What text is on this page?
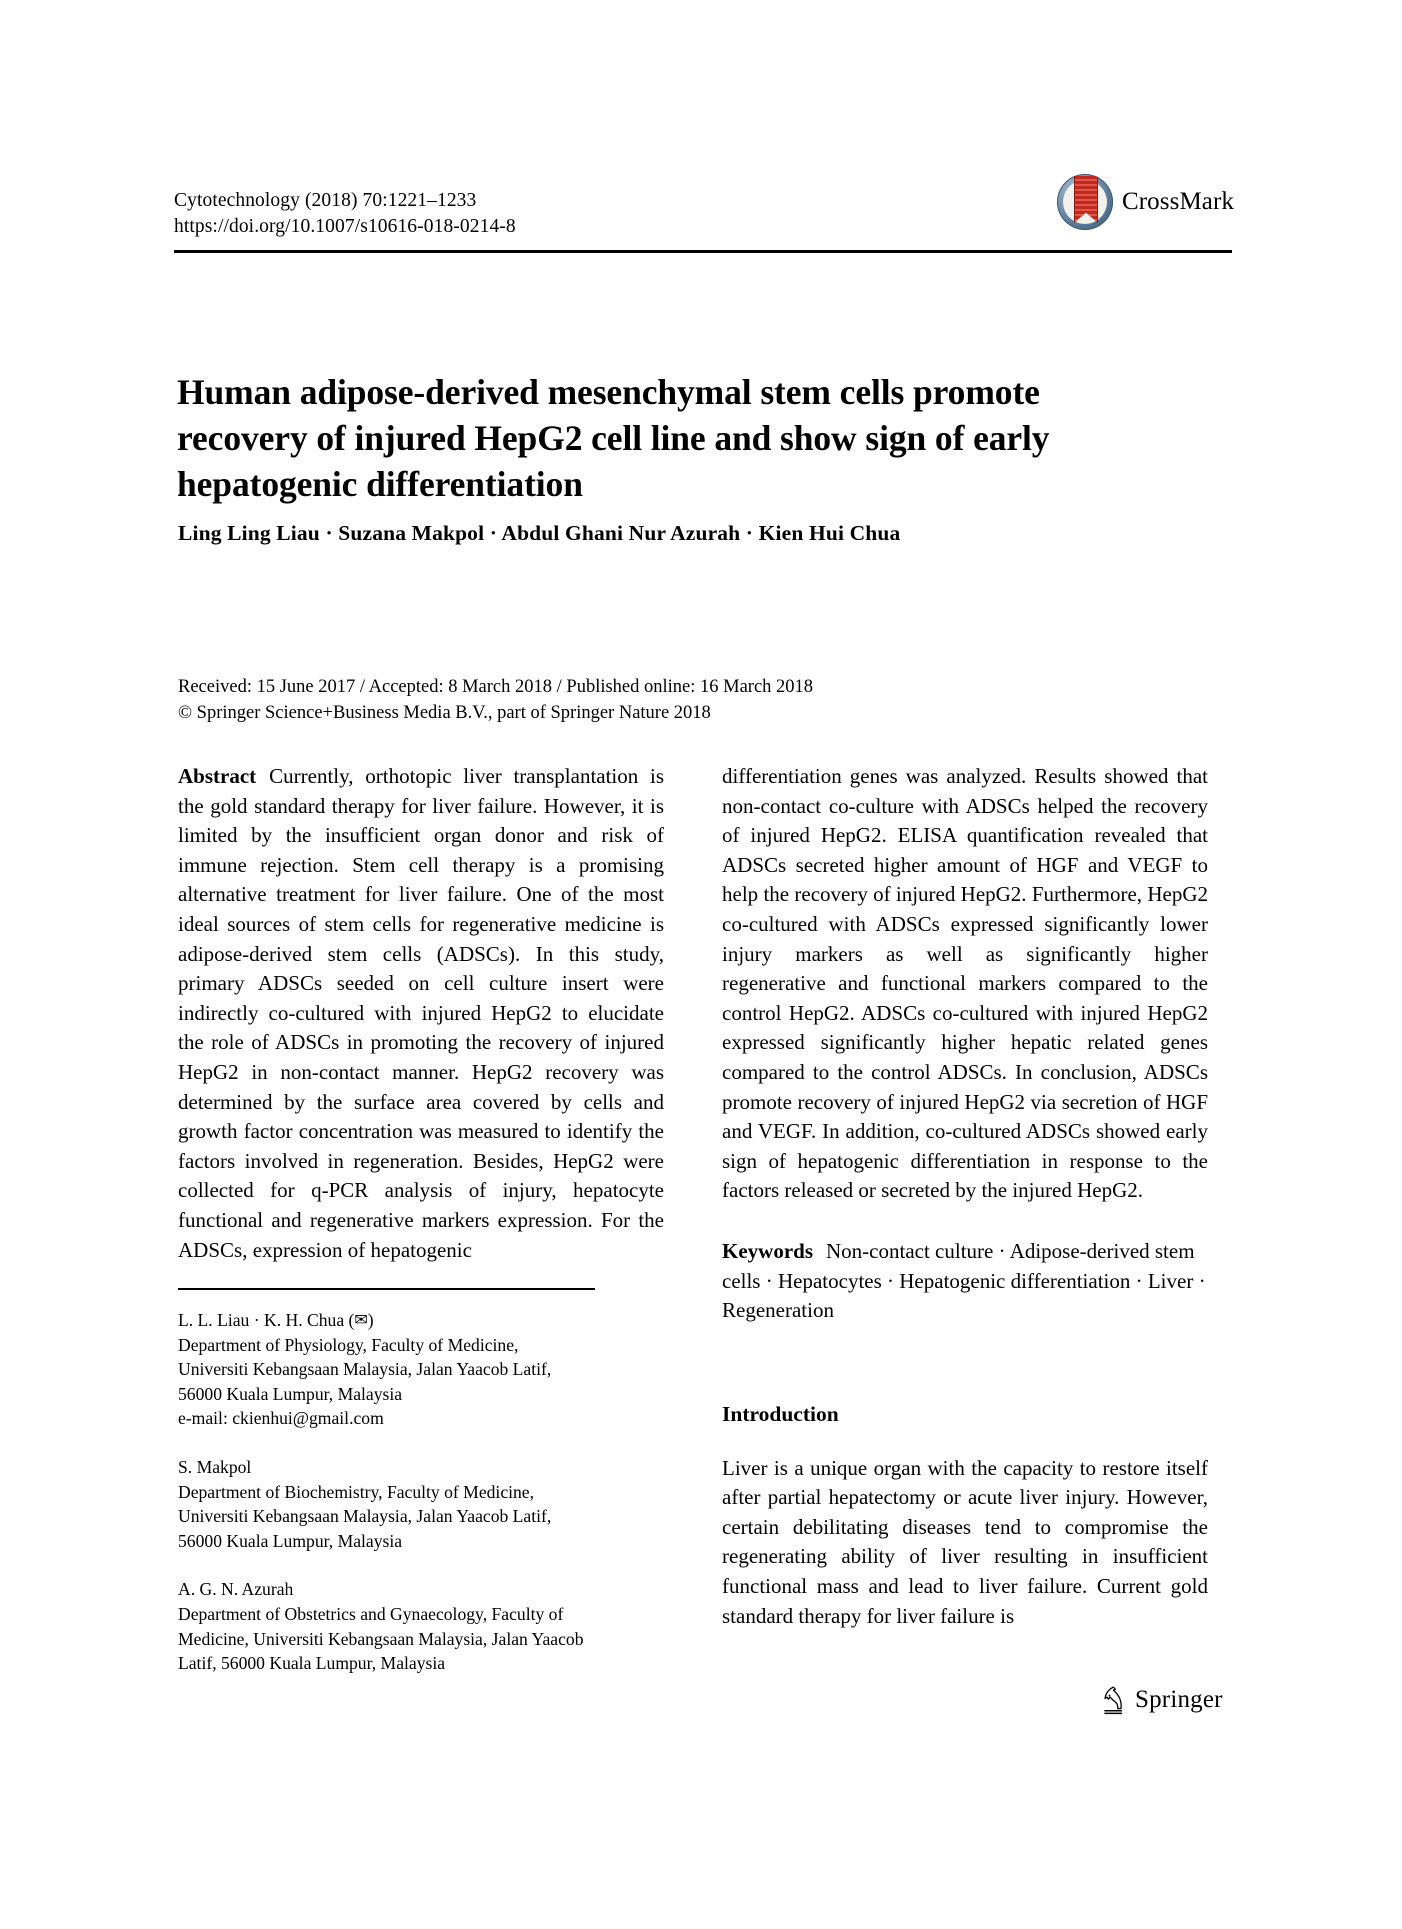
Cytotechnology (2018) 70:1221–1233
https://doi.org/10.1007/s10616-018-0214-8
CrossMark
Human adipose-derived mesenchymal stem cells promote recovery of injured HepG2 cell line and show sign of early hepatogenic differentiation
Ling Ling Liau · Suzana Makpol · Abdul Ghani Nur Azurah · Kien Hui Chua
Received: 15 June 2017 / Accepted: 8 March 2018 / Published online: 16 March 2018
© Springer Science+Business Media B.V., part of Springer Nature 2018
Abstract Currently, orthotopic liver transplantation is the gold standard therapy for liver failure. However, it is limited by the insufficient organ donor and risk of immune rejection. Stem cell therapy is a promising alternative treatment for liver failure. One of the most ideal sources of stem cells for regenerative medicine is adipose-derived stem cells (ADSCs). In this study, primary ADSCs seeded on cell culture insert were indirectly co-cultured with injured HepG2 to elucidate the role of ADSCs in promoting the recovery of injured HepG2 in non-contact manner. HepG2 recovery was determined by the surface area covered by cells and growth factor concentration was measured to identify the factors involved in regeneration. Besides, HepG2 were collected for q-PCR analysis of injury, hepatocyte functional and regenerative markers expression. For the ADSCs, expression of hepatogenic
differentiation genes was analyzed. Results showed that non-contact co-culture with ADSCs helped the recovery of injured HepG2. ELISA quantification revealed that ADSCs secreted higher amount of HGF and VEGF to help the recovery of injured HepG2. Furthermore, HepG2 co-cultured with ADSCs expressed significantly lower injury markers as well as significantly higher regenerative and functional markers compared to the control HepG2. ADSCs co-cultured with injured HepG2 expressed significantly higher hepatic related genes compared to the control ADSCs. In conclusion, ADSCs promote recovery of injured HepG2 via secretion of HGF and VEGF. In addition, co-cultured ADSCs showed early sign of hepatogenic differentiation in response to the factors released or secreted by the injured HepG2.
Keywords Non-contact culture · Adipose-derived stem cells · Hepatocytes · Hepatogenic differentiation · Liver · Regeneration
Introduction
Liver is a unique organ with the capacity to restore itself after partial hepatectomy or acute liver injury. However, certain debilitating diseases tend to compromise the regenerating ability of liver resulting in insufficient functional mass and lead to liver failure. Current gold standard therapy for liver failure is
L. L. Liau · K. H. Chua (✉)
Department of Physiology, Faculty of Medicine,
Universiti Kebangsaan Malaysia, Jalan Yaacob Latif,
56000 Kuala Lumpur, Malaysia
e-mail: ckienhui@gmail.com
S. Makpol
Department of Biochemistry, Faculty of Medicine,
Universiti Kebangsaan Malaysia, Jalan Yaacob Latif,
56000 Kuala Lumpur, Malaysia
A. G. N. Azurah
Department of Obstetrics and Gynaecology, Faculty of
Medicine, Universiti Kebangsaan Malaysia, Jalan Yaacob
Latif, 56000 Kuala Lumpur, Malaysia
Springer
